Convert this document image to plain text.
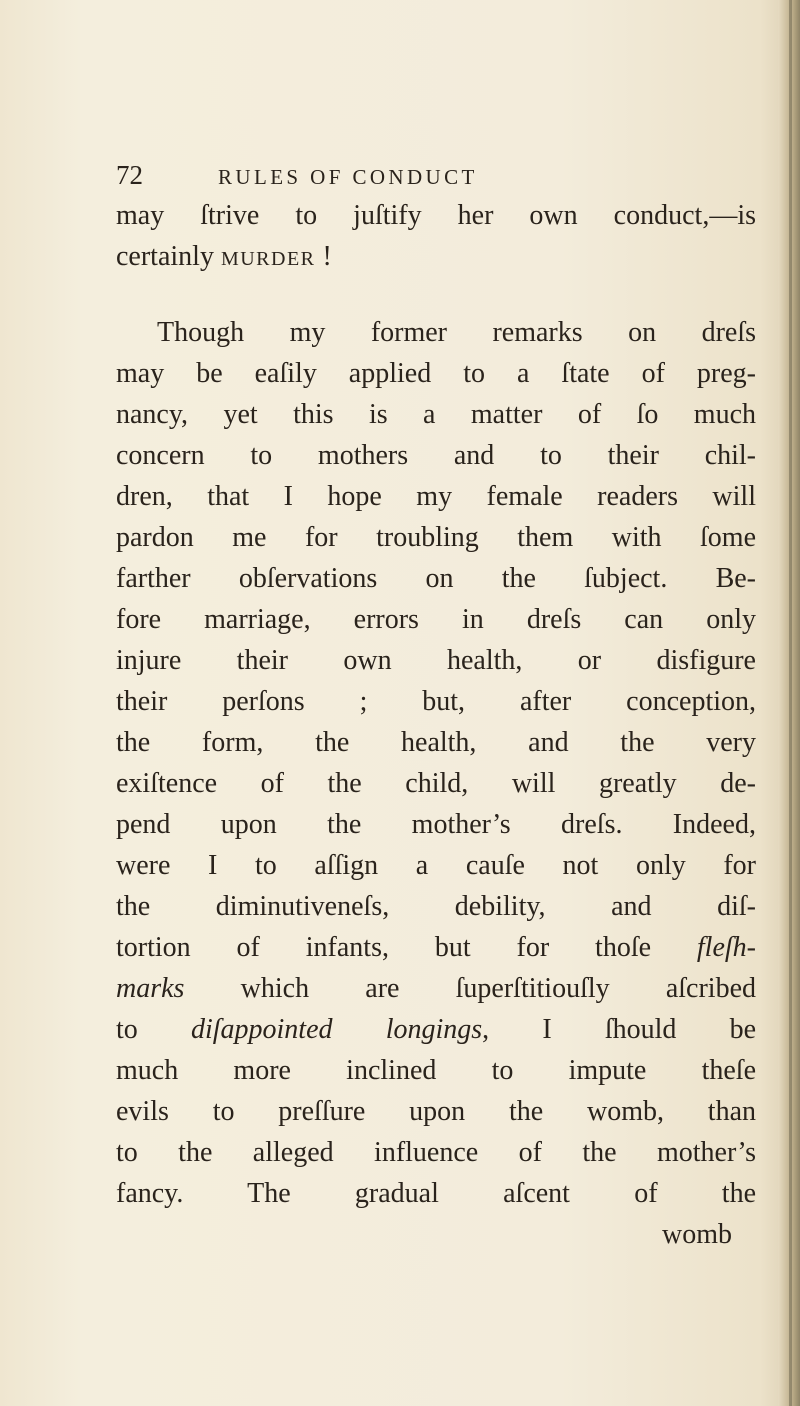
72	RULES OF CONDUCT
may ſtrive to juſtify her own conduct,—is
certainly murder !
Though my former remarks on dreſs
may be eaſily applied to a ſtate of preg-
nancy, yet this is a matter of ſo much
concern to mothers and to their chil-
dren, that I hope my female readers will
pardon me for troubling them with ſome
farther obſervations on the ſubject. Be-
fore marriage, errors in dreſs can only
injure their own health, or disfigure
their perſons ; but, after conception,
the form, the health, and the very
exiſtence of the child, will greatly de-
pend upon the mother’s dreſs. Indeed,
were I to aſſign a cauſe not only for
the diminutiveneſs, debility, and diſ-
tortion of infants, but for thoſe fleſh-
marks which are ſuperſtitiouſly aſcribed
to diſappointed longings, I ſhould be
much more inclined to impute theſe
evils to preſſure upon the womb, than
to the alleged influence of the mother’s
fancy. The gradual aſcent of the
womb
